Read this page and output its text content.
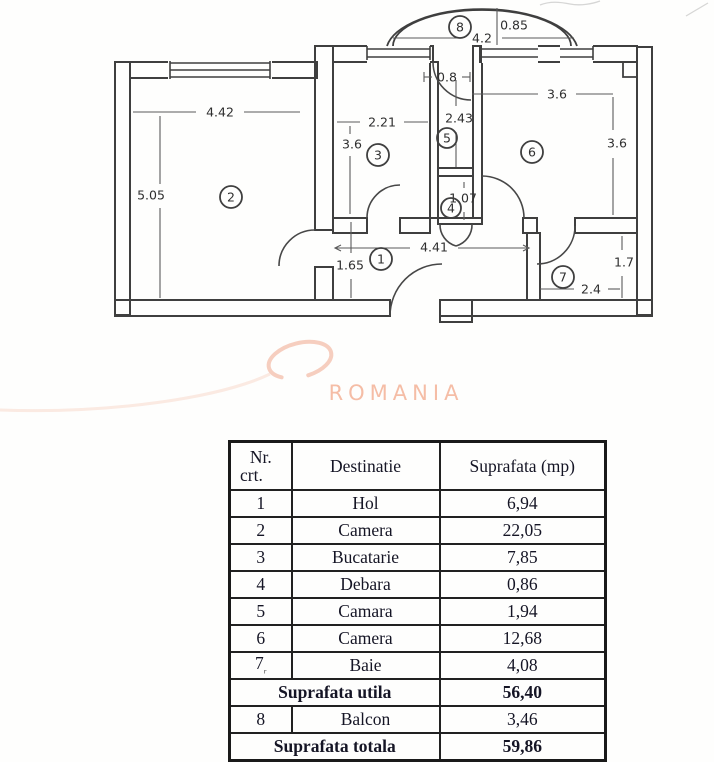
4.42
5.05
2.21
3.6
0.8
2.43
1.07
3.6
3.6
4.41
1.65	1.7
2.4
4.2
0.85
1
2
3
4
5
6
7
8
ROMANIA
Nr.
crt.	Destinatie	Suprafata (mp)
1	Hol	6,94
2	Camera	22,05
3	Bucatarie	7,85
4	Debara	0,86
5	Camara	1,94
6	Camera	12,68
$7_ᵣ$	Baie	4,08
Suprafata utila		56,40
8	Balcon	3,46
Suprafata totala		59,86
